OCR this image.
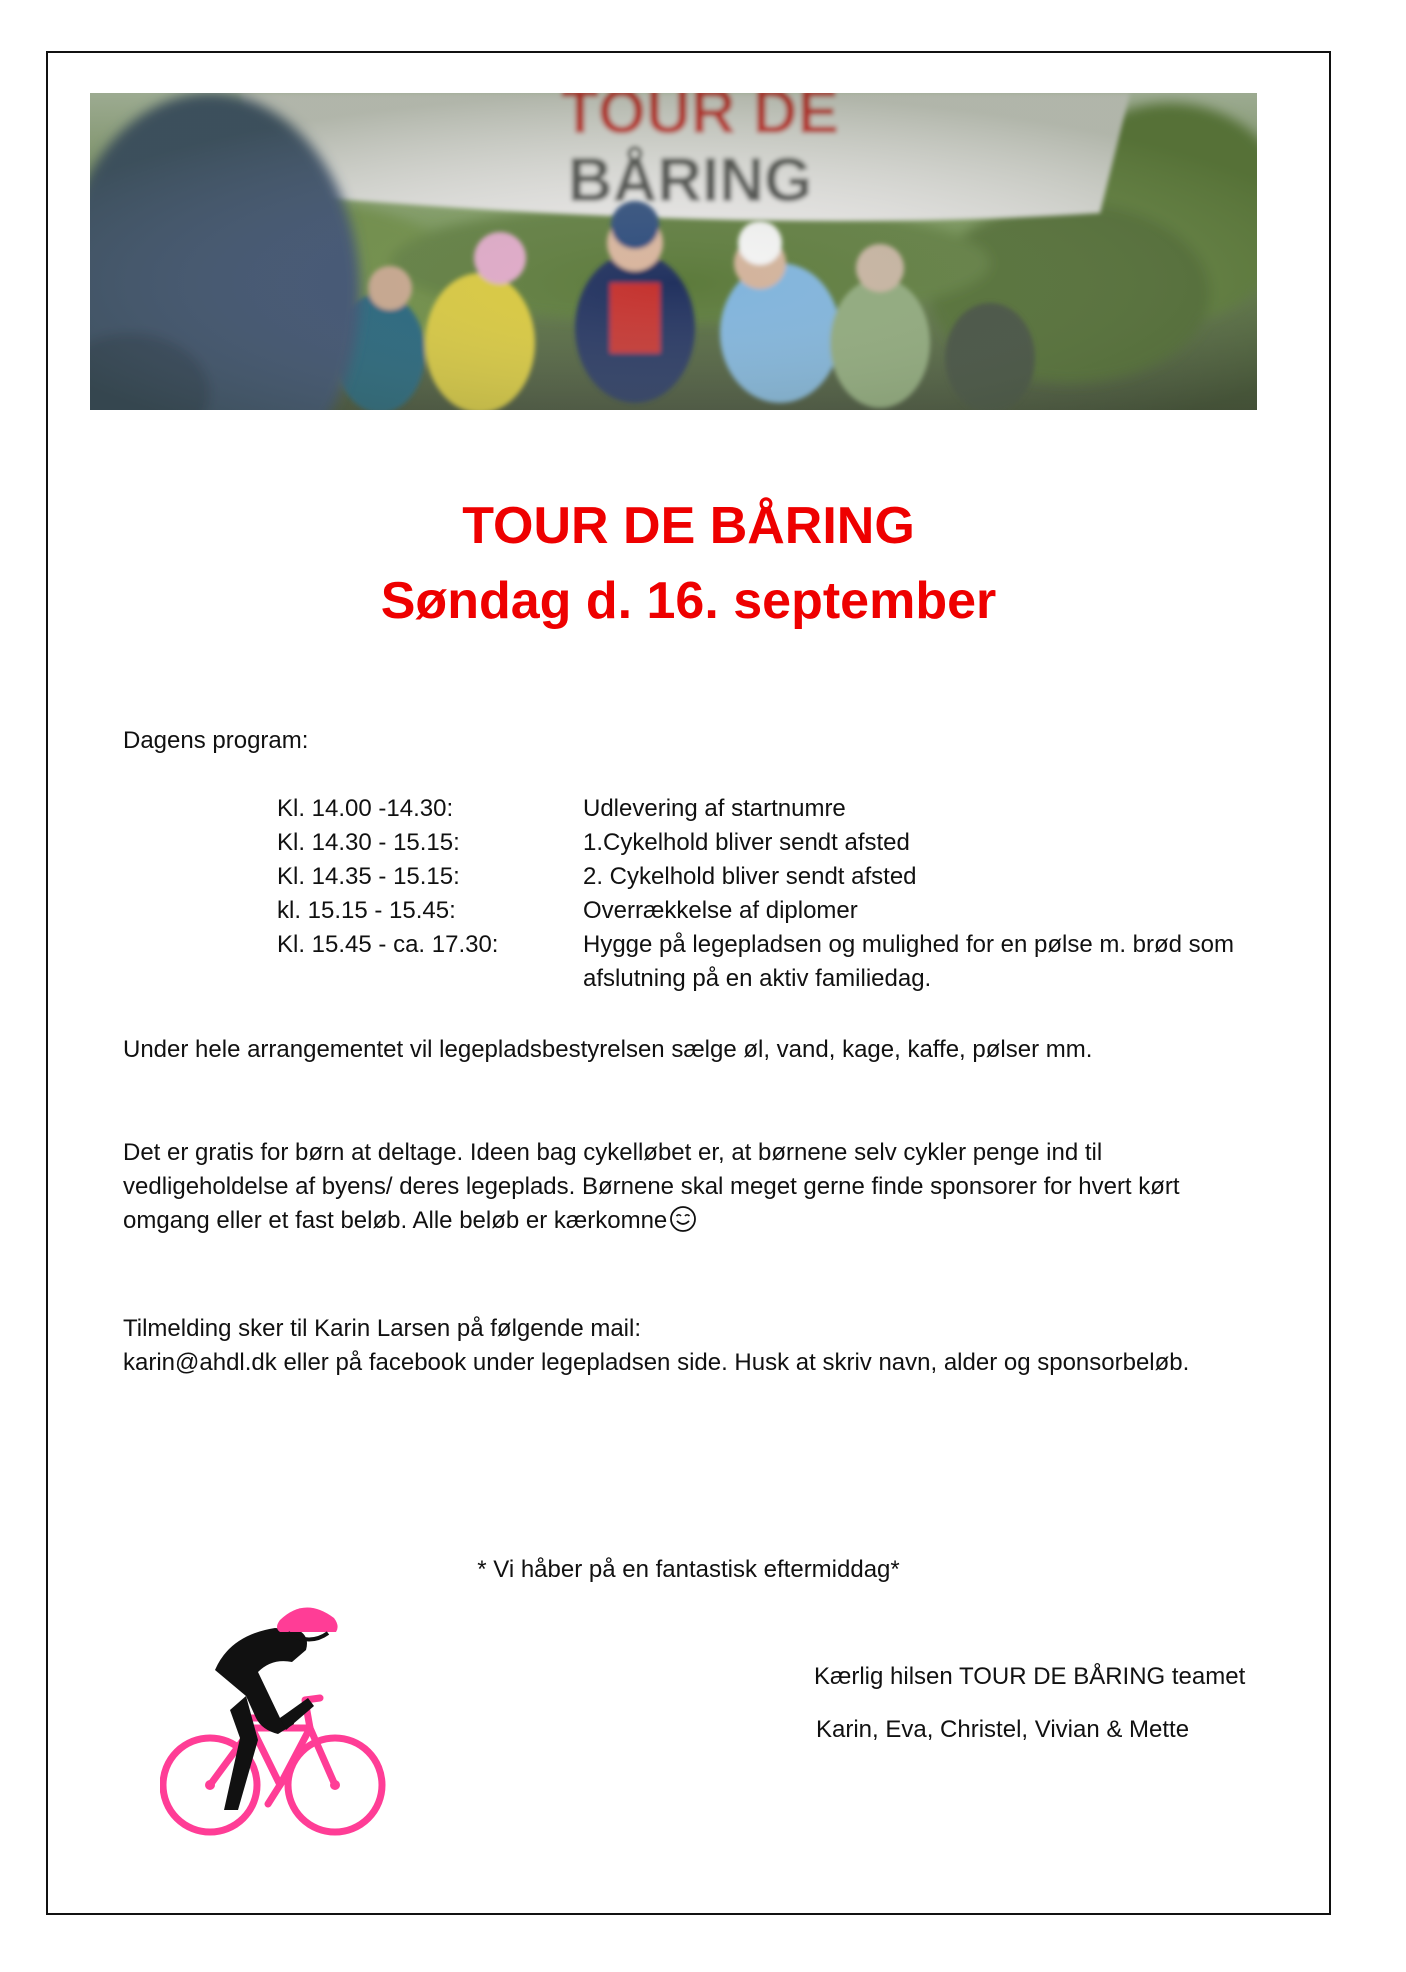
TOUR DE BÅRING
Søndag d. 16. september

Dagens program:

Kl. 14.00 -14.30:	Udlevering af startnumre
Kl. 14.30 - 15.15:	1.Cykelhold bliver sendt afsted
Kl. 14.35 - 15.15:	2. Cykelhold bliver sendt afsted
kl. 15.15 - 15.45:	Overrækkelse af diplomer
Kl. 15.45 - ca. 17.30:	Hygge på legepladsen og mulighed for en pølse m. brød som afslutning på en aktiv familiedag.

Under hele arrangementet vil legepladsbestyrelsen sælge øl, vand, kage, kaffe, pølser mm.

Det er gratis for børn at deltage. Ideen bag cykelløbet er, at børnene selv cykler penge ind til vedligeholdelse af byens/ deres legeplads. Børnene skal meget gerne finde sponsorer for hvert kørt omgang eller et fast beløb. Alle beløb er kærkomne

Tilmelding sker til Karin Larsen på følgende mail:
karin@ahdl.dk eller på facebook under legepladsen side. Husk at skriv navn, alder og sponsorbeløb.

* Vi håber på en fantastisk eftermiddag*

Kærlig hilsen TOUR DE BÅRING teamet

Karin, Eva, Christel, Vivian & Mette
